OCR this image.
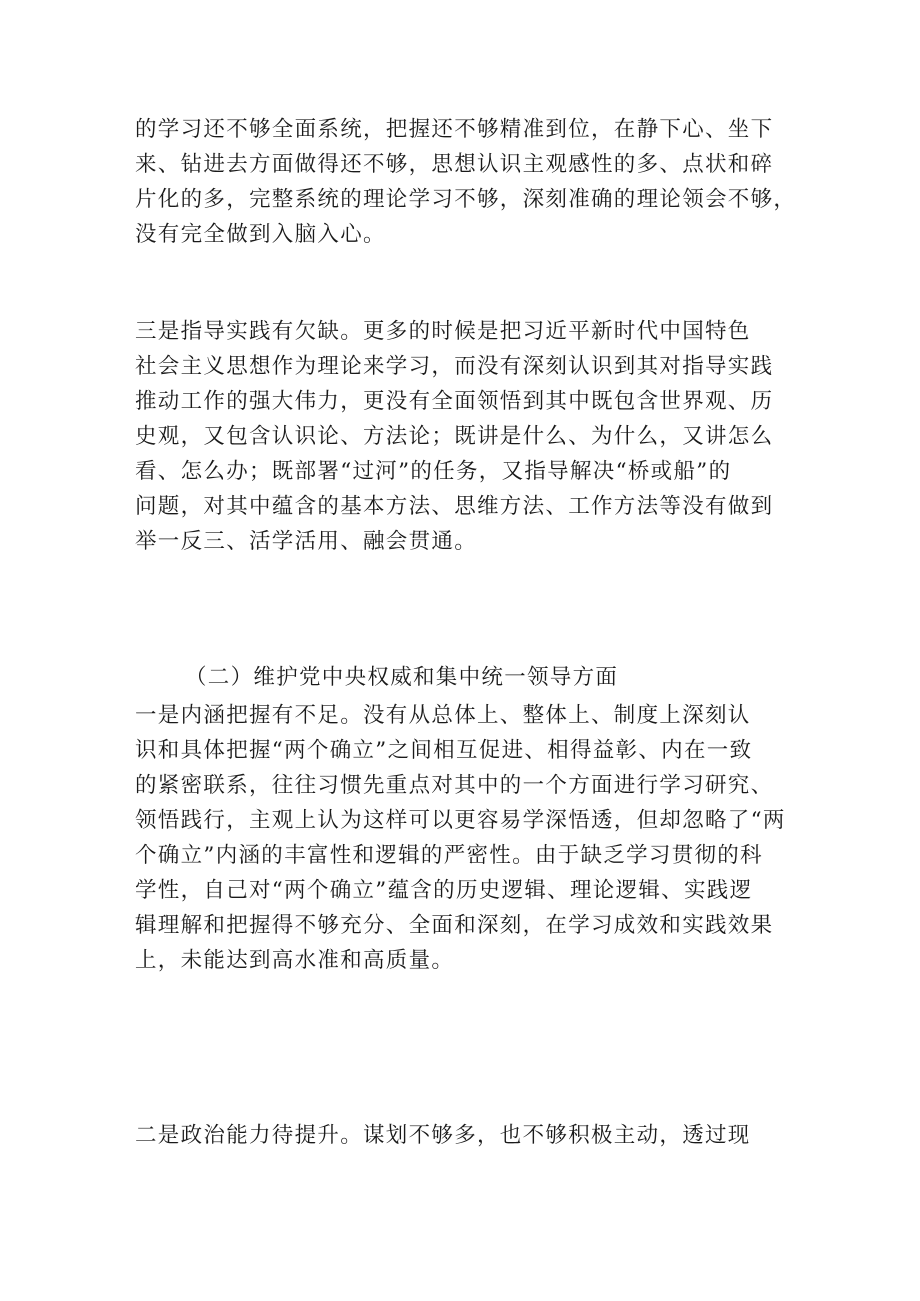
的学习还不够全面系统，把握还不够精准到位，在静下心、坐下
来、钻进去方面做得还不够，思想认识主观感性的多、点状和碎
片化的多，完整系统的理论学习不够，深刻准确的理论领会不够，
没有完全做到入脑入心。
三是指导实践有欠缺。更多的时候是把习近平新时代中国特色
社会主义思想作为理论来学习，而没有深刻认识到其对指导实践
推动工作的强大伟力，更没有全面领悟到其中既包含世界观、历
史观，又包含认识论、方法论；既讲是什么、为什么，又讲怎么
看、怎么办；既部署“过河”的任务，又指导解决“桥或船”的
问题，对其中蕴含的基本方法、思维方法、工作方法等没有做到
举一反三、活学活用、融会贯通。
（二）维护党中央权威和集中统一领导方面
一是内涵把握有不足。没有从总体上、整体上、制度上深刻认
识和具体把握“两个确立”之间相互促进、相得益彰、内在一致
的紧密联系，往往习惯先重点对其中的一个方面进行学习研究、
领悟践行，主观上认为这样可以更容易学深悟透，但却忽略了“两
个确立”内涵的丰富性和逻辑的严密性。由于缺乏学习贯彻的科
学性，自己对“两个确立”蕴含的历史逻辑、理论逻辑、实践逻
辑理解和把握得不够充分、全面和深刻，在学习成效和实践效果
上，未能达到高水准和高质量。
二是政治能力待提升。谋划不够多，也不够积极主动，透过现
